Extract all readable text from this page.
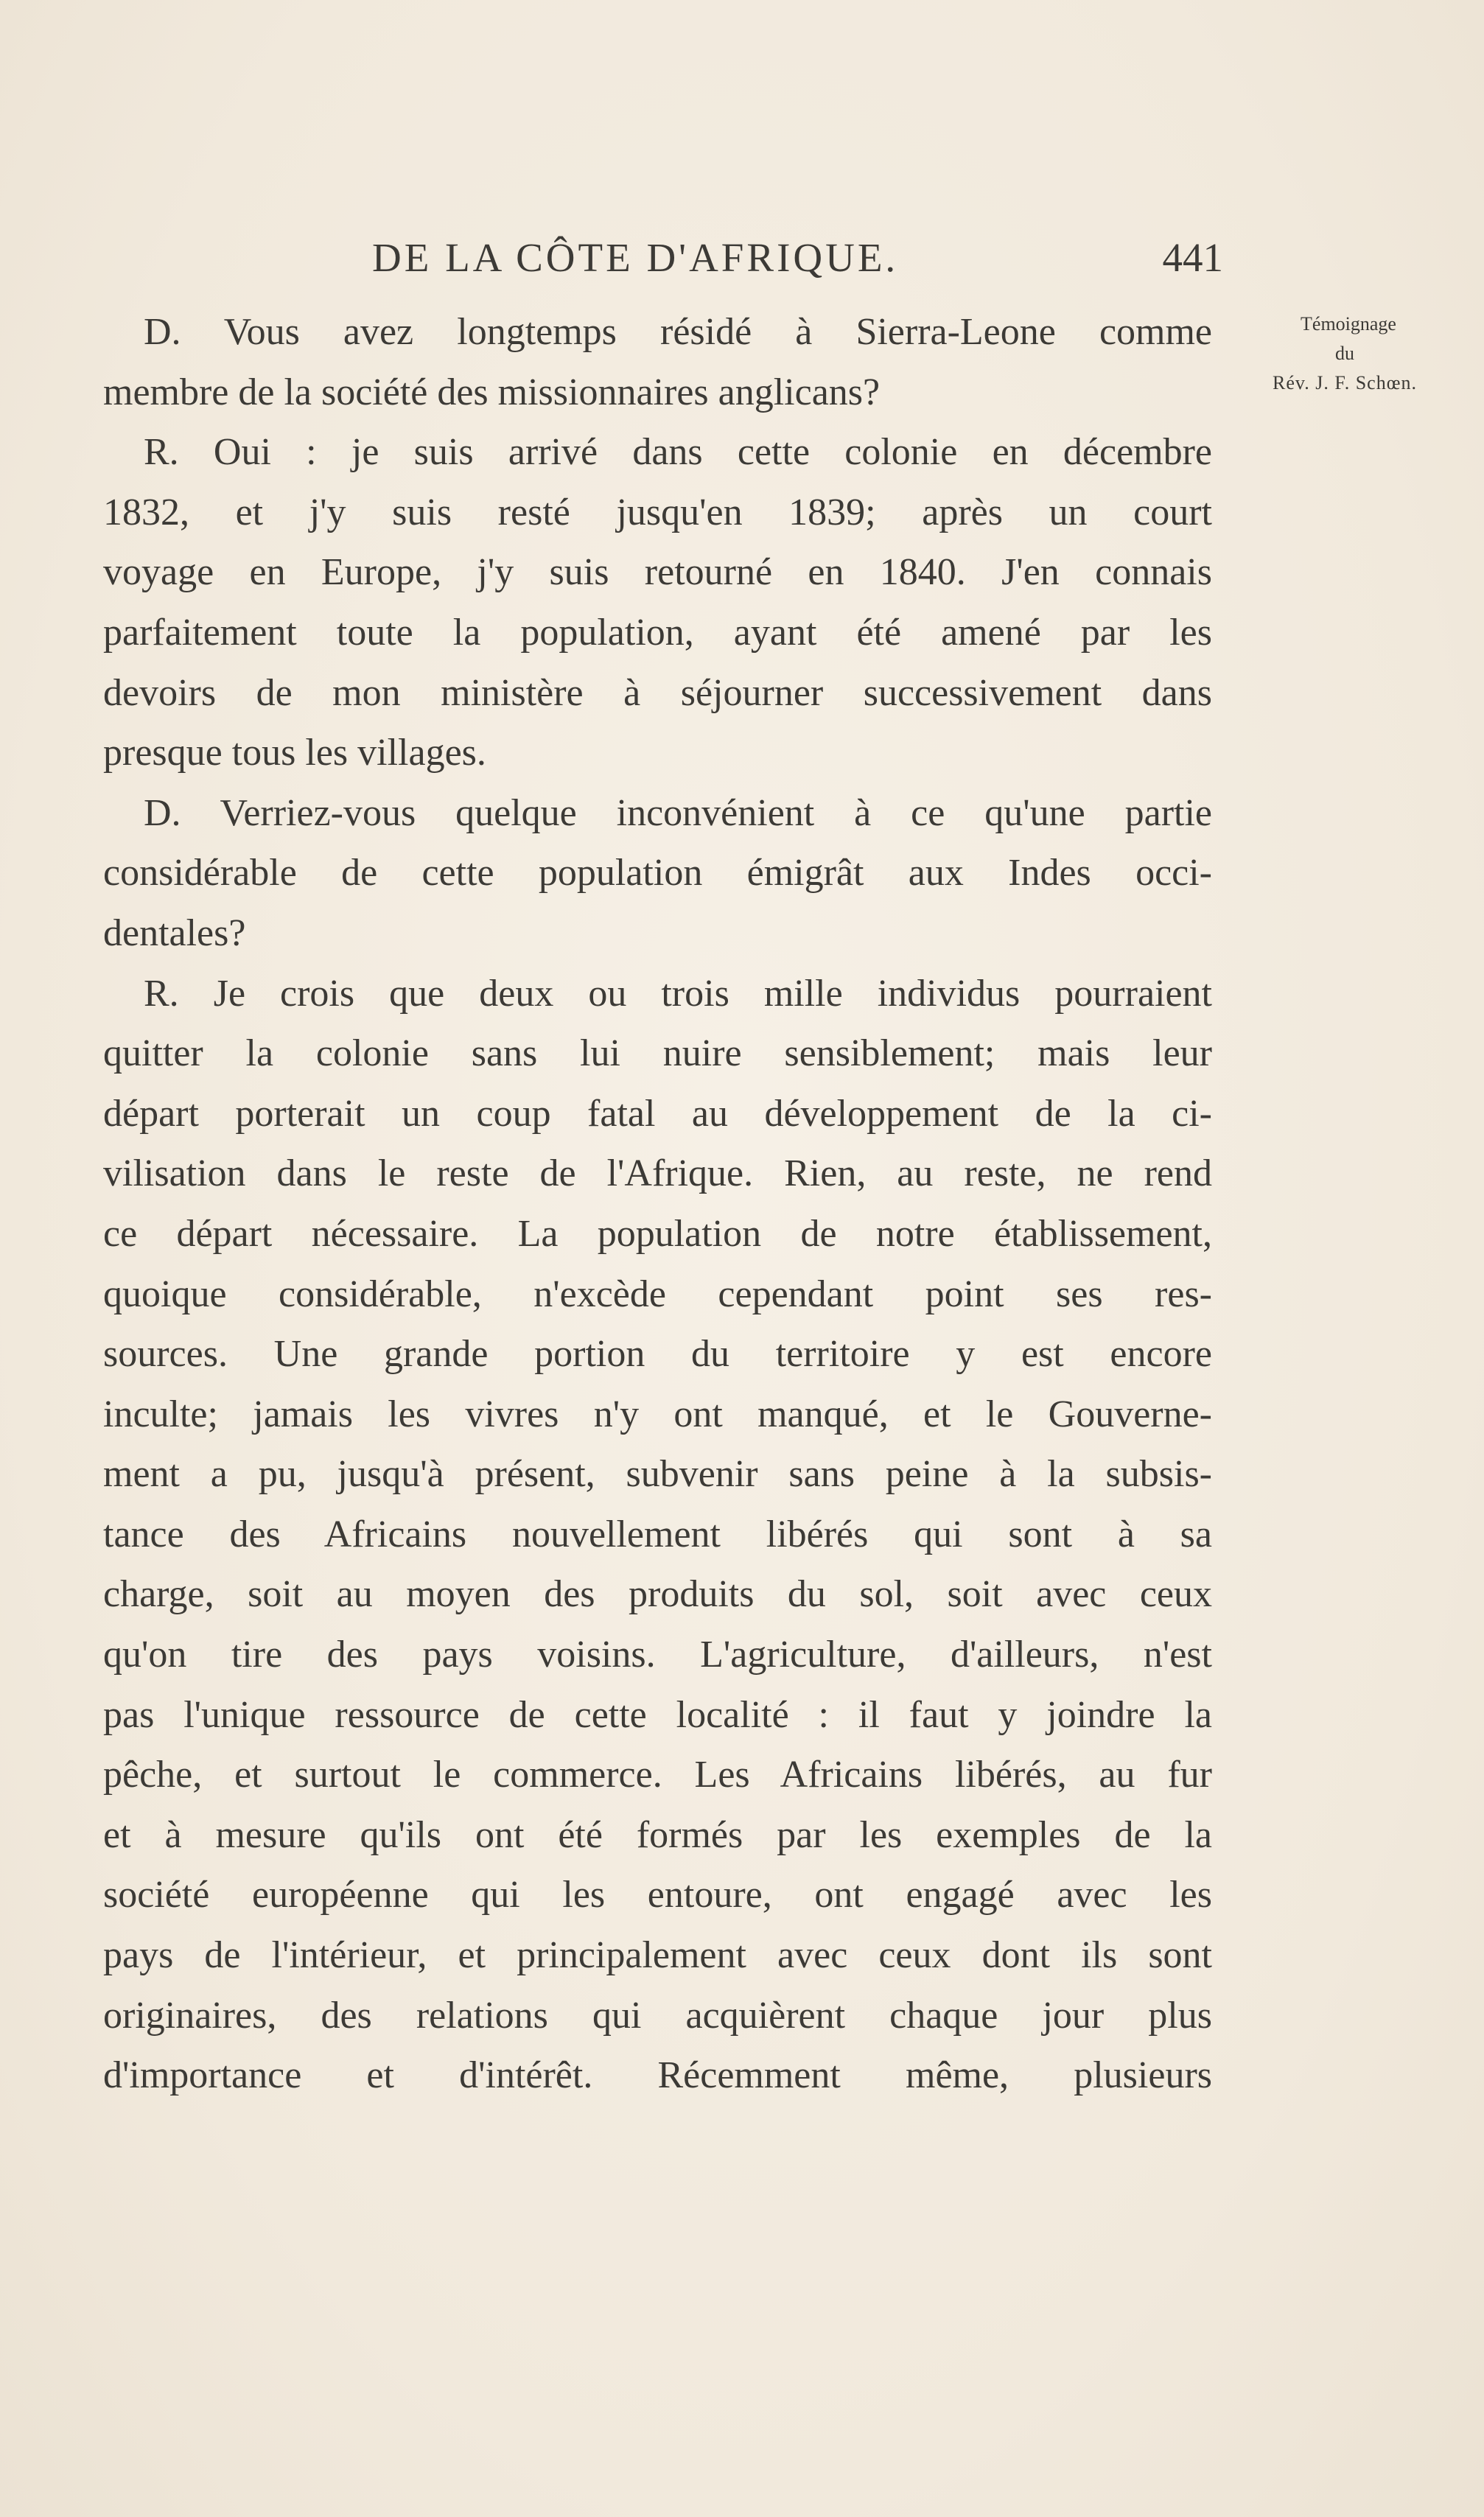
DE LA CÔTE D'AFRIQUE.	441
Témoignage
du
Rév. J. F. Schœn.
D. Vous avez longtemps résidé à Sierra-Leone comme
membre de la société des missionnaires anglicans?
R. Oui : je suis arrivé dans cette colonie en décembre
1832, et j'y suis resté jusqu'en 1839; après un court
voyage en Europe, j'y suis retourné en 1840. J'en connais
parfaitement toute la population, ayant été amené par les
devoirs de mon ministère à séjourner successivement dans
presque tous les villages.
D. Verriez-vous quelque inconvénient à ce qu'une partie
considérable de cette population émigrât aux Indes occi-
dentales?
R. Je crois que deux ou trois mille individus pourraient
quitter la colonie sans lui nuire sensiblement; mais leur
départ porterait un coup fatal au développement de la ci-
vilisation dans le reste de l'Afrique. Rien, au reste, ne rend
ce départ nécessaire. La population de notre établissement,
quoique considérable, n'excède cependant point ses res-
sources. Une grande portion du territoire y est encore
inculte; jamais les vivres n'y ont manqué, et le Gouverne-
ment a pu, jusqu'à présent, subvenir sans peine à la subsis-
tance des Africains nouvellement libérés qui sont à sa
charge, soit au moyen des produits du sol, soit avec ceux
qu'on tire des pays voisins. L'agriculture, d'ailleurs, n'est
pas l'unique ressource de cette localité : il faut y joindre la
pêche, et surtout le commerce. Les Africains libérés, au fur
et à mesure qu'ils ont été formés par les exemples de la
société européenne qui les entoure, ont engagé avec les
pays de l'intérieur, et principalement avec ceux dont ils sont
originaires, des relations qui acquièrent chaque jour plus
d'importance et d'intérêt. Récemment même, plusieurs
